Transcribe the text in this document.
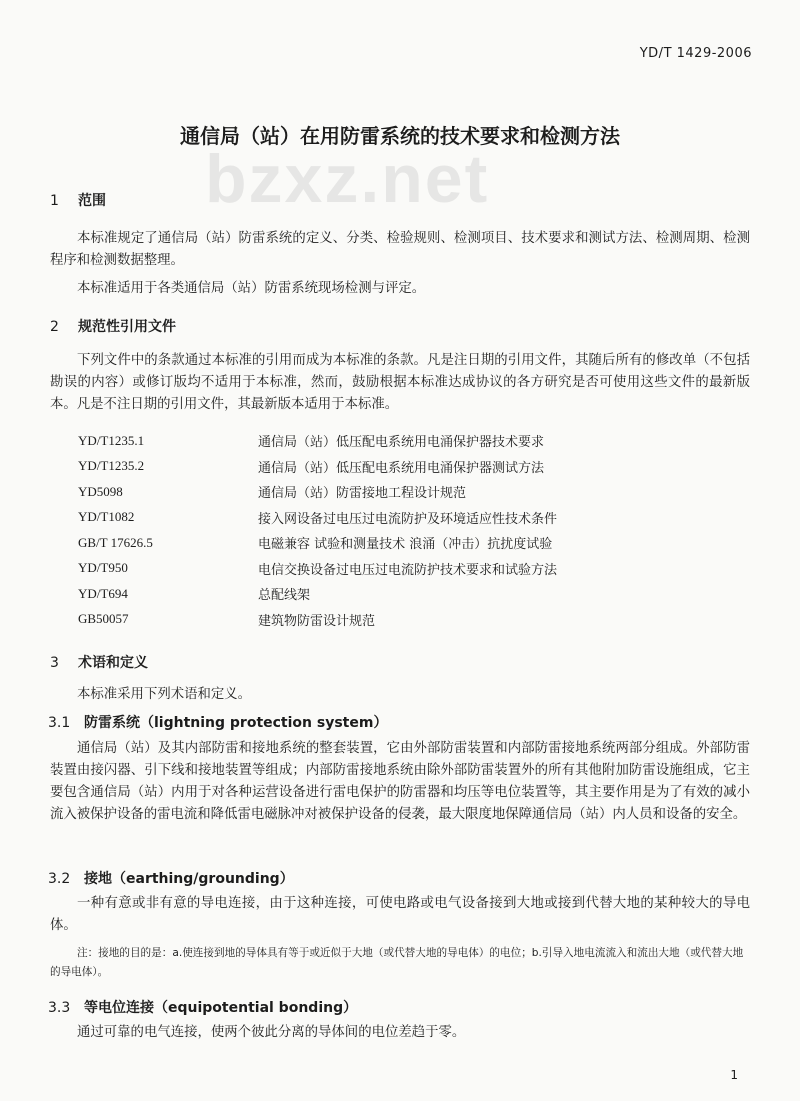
bzxz.net
YD/T 1429-2006
通信局（站）在用防雷系统的技术要求和检测方法
1 范围
本标准规定了通信局（站）防雷系统的定义、分类、检验规则、检测项目、技术要求和测试方法、检测周期、检测程序和检测数据整理。
本标准适用于各类通信局（站）防雷系统现场检测与评定。
2 规范性引用文件
下列文件中的条款通过本标准的引用而成为本标准的条款。凡是注日期的引用文件，其随后所有的修改单（不包括勘误的内容）或修订版均不适用于本标准，然而，鼓励根据本标准达成协议的各方研究是否可使用这些文件的最新版本。凡是不注日期的引用文件，其最新版本适用于本标准。
YD/T1235.1	通信局（站）低压配电系统用电涌保护器技术要求
YD/T1235.2	通信局（站）低压配电系统用电涌保护器测试方法
YD5098	通信局（站）防雷接地工程设计规范
YD/T1082	接入网设备过电压过电流防护及环境适应性技术条件
GB/T 17626.5	电磁兼容 试验和测量技术 浪涌（冲击）抗扰度试验
YD/T950	电信交换设备过电压过电流防护技术要求和试验方法
YD/T694	总配线架
GB50057	建筑物防雷设计规范
3 术语和定义
本标准采用下列术语和定义。
3.1 防雷系统（lightning protection system）
通信局（站）及其内部防雷和接地系统的整套装置，它由外部防雷装置和内部防雷接地系统两部分组成。外部防雷装置由接闪器、引下线和接地装置等组成；内部防雷接地系统由除外部防雷装置外的所有其他附加防雷设施组成，它主要包含通信局（站）内用于对各种运营设备进行雷电保护的防雷器和均压等电位装置等，其主要作用是为了有效的减小流入被保护设备的雷电流和降低雷电磁脉冲对被保护设备的侵袭，最大限度地保障通信局（站）内人员和设备的安全。
3.2 接地（earthing/grounding）
一种有意或非有意的导电连接，由于这种连接，可使电路或电气设备接到大地或接到代替大地的某种较大的导电体。
注：接地的目的是：a.使连接到地的导体具有等于或近似于大地（或代替大地的导电体）的电位；b.引导入地电流流入和流出大地（或代替大地的导电体）。
3.3 等电位连接（equipotential bonding）
通过可靠的电气连接，使两个彼此分离的导体间的电位差趋于零。
1
